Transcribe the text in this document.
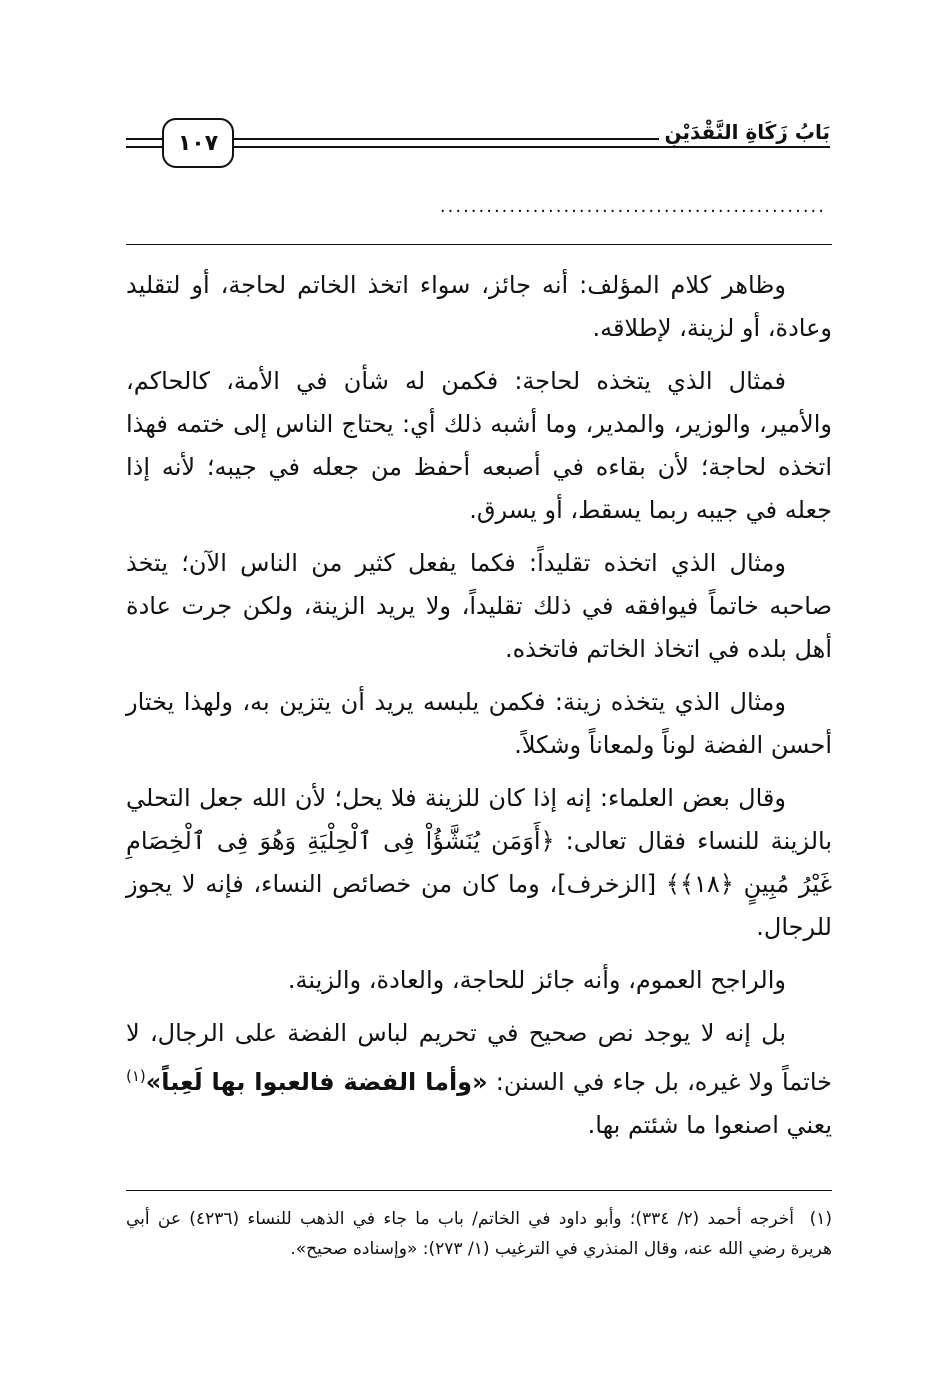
١٠٧	بَابُ زَكَاةِ النَّقْدَيْنِ
..................................................

وظاهر كلام المؤلف: أنه جائز، سواء اتخذ الخاتم لحاجة، أو لتقليد وعادة، أو لزينة، لإطلاقه.

فمثال الذي يتخذه لحاجة: فكمن له شأن في الأمة، كالحاكم، والأمير، والوزير، والمدير، وما أشبه ذلك أي: يحتاج الناس إلى ختمه فهذا اتخذه لحاجة؛ لأن بقاءه في أصبعه أحفظ من جعله في جيبه؛ لأنه إذا جعله في جيبه ربما يسقط، أو يسرق.

ومثال الذي اتخذه تقليداً: فكما يفعل كثير من الناس الآن؛ يتخذ صاحبه خاتماً فيوافقه في ذلك تقليداً، ولا يريد الزينة، ولكن جرت عادة أهل بلده في اتخاذ الخاتم فاتخذه.

ومثال الذي يتخذه زينة: فكمن يلبسه يريد أن يتزين به، ولهذا يختار أحسن الفضة لوناً ولمعاناً وشكلاً.

وقال بعض العلماء: إنه إذا كان للزينة فلا يحل؛ لأن الله جعل التحلي بالزينة للنساء فقال تعالى: ﴿أَوَمَن يُنَشَّؤُاْ فِى ٱلْحِلْيَةِ وَهُوَ فِى ٱلْخِصَامِ غَيْرُ مُبِينٍ ﴿١٨﴾﴾ [الزخرف]، وما كان من خصائص النساء، فإنه لا يجوز للرجال.

والراجح العموم، وأنه جائز للحاجة، والعادة، والزينة.

بل إنه لا يوجد نص صحيح في تحريم لباس الفضة على الرجال، لا خاتماً ولا غيره، بل جاء في السنن: «وأما الفضة فالعبوا بها لَعِباً»$^{(١)}$ يعني اصنعوا ما شئتم بها.

(١)أخرجه أحمد (٢/ ٣٣٤)؛ وأبو داود في الخاتم/ باب ما جاء في الذهب للنساء (٤٢٣٦) عن أبي هريرة رضي الله عنه، وقال المنذري في الترغيب (١/ ٢٧٣): «وإسناده صحيح».
